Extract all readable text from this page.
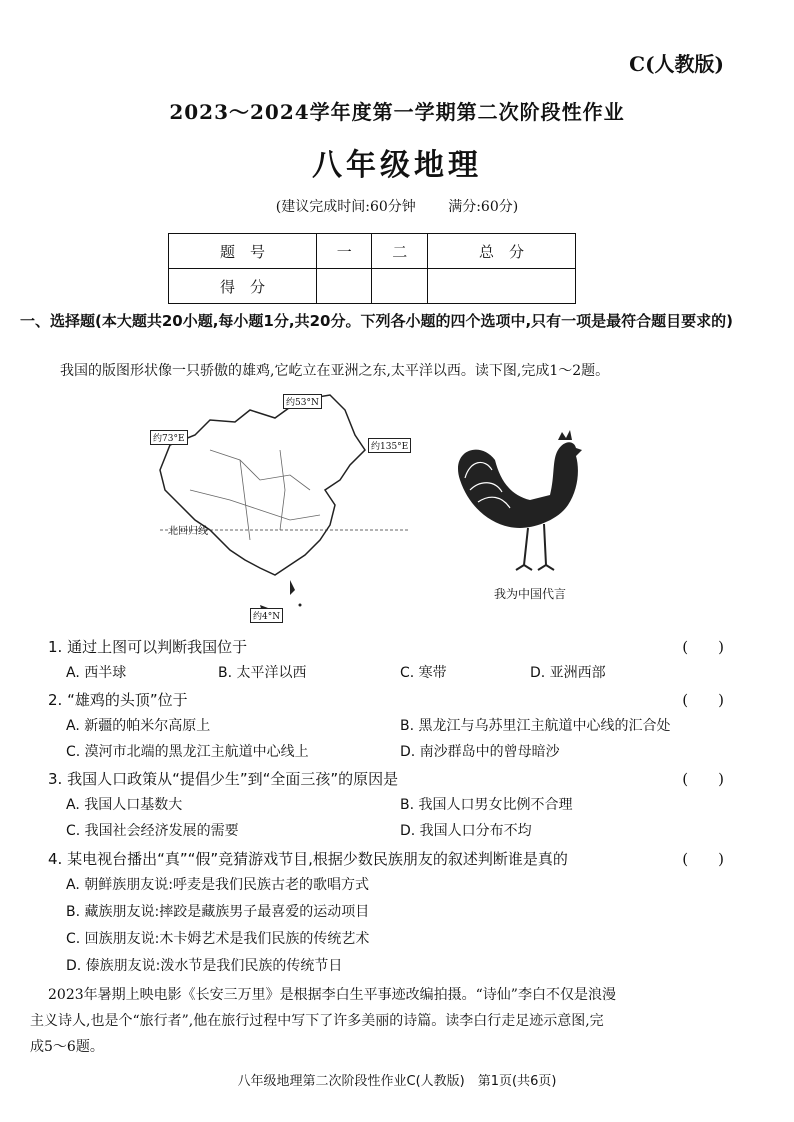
C(人教版)
2023～2024学年度第一学期第二次阶段性作业
八年级地理
(建议完成时间:60分钟 满分:60分)
题　号	一	二	总　分
得　分			
一、选择题(本大题共20小题,每小题1分,共20分。下列各小题的四个选项中,只有一项是最符合题目要求的)
我国的版图形状像一只骄傲的雄鸡,它屹立在亚洲之东,太平洋以西。读下图,完成1～2题。
约53°N
约73°E
约135°E
约4°N
北回归线
我为中国代言
1. 通过上图可以判断我国位于	(　　)
A. 西半球	B. 太平洋以西	C. 寒带	D. 亚洲西部
2. “雄鸡的头顶”位于	(　　)
A. 新疆的帕米尔高原上	B. 黑龙江与乌苏里江主航道中心线的汇合处
C. 漠河市北端的黑龙江主航道中心线上	D. 南沙群岛中的曾母暗沙
3. 我国人口政策从“提倡少生”到“全面三孩”的原因是	(　　)
A. 我国人口基数大	B. 我国人口男女比例不合理
C. 我国社会经济发展的需要	D. 我国人口分布不均
4. 某电视台播出“真”“假”竞猜游戏节目,根据少数民族朋友的叙述判断谁是真的	(　　)
A. 朝鲜族朋友说:呼麦是我们民族古老的歌唱方式
B. 藏族朋友说:摔跤是藏族男子最喜爱的运动项目
C. 回族朋友说:木卡姆艺术是我们民族的传统艺术
D. 傣族朋友说:泼水节是我们民族的传统节日
2023年暑期上映电影《长安三万里》是根据李白生平事迹改编拍摄。“诗仙”李白不仅是浪漫
主义诗人,也是个“旅行者”,他在旅行过程中写下了许多美丽的诗篇。读李白行走足迹示意图,完
成5～6题。
八年级地理第二次阶段性作业C(人教版)　第1页(共6页)
